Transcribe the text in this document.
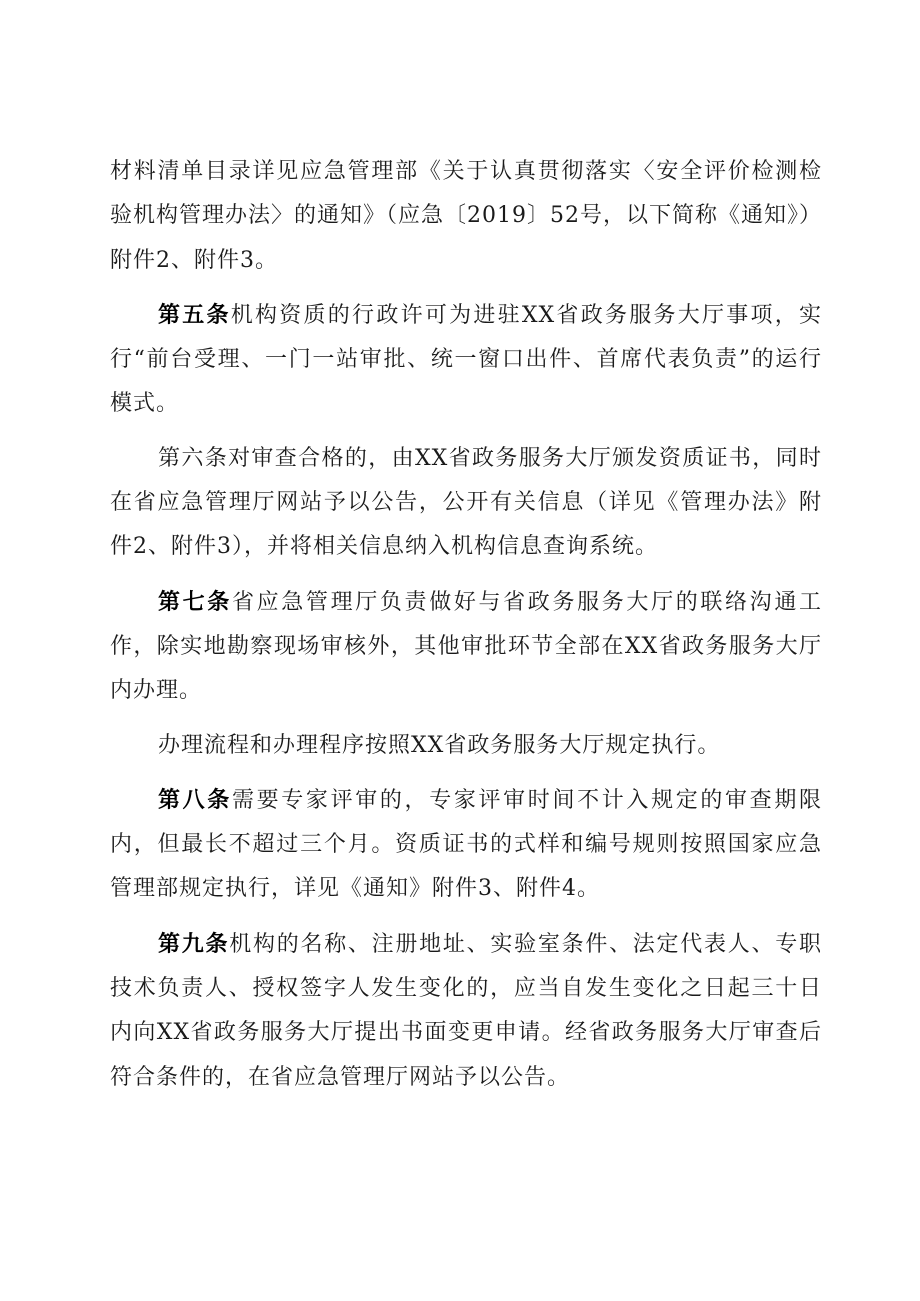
材料清单目录详见应急管理部《关于认真贯彻落实〈安全评价检测检验机构管理办法〉的通知》（应急〔2019〕52号，以下简称《通知》）附件2、附件3。

第五条机构资质的行政许可为进驻XX省政务服务大厅事项，实行“前台受理、一门一站审批、统一窗口出件、首席代表负责”的运行模式。

第六条对审查合格的，由XX省政务服务大厅颁发资质证书，同时在省应急管理厅网站予以公告，公开有关信息（详见《管理办法》附件2、附件3），并将相关信息纳入机构信息查询系统。

第七条省应急管理厅负责做好与省政务服务大厅的联络沟通工作，除实地勘察现场审核外，其他审批环节全部在XX省政务服务大厅内办理。

办理流程和办理程序按照XX省政务服务大厅规定执行。

第八条需要专家评审的，专家评审时间不计入规定的审查期限内，但最长不超过三个月。资质证书的式样和编号规则按照国家应急管理部规定执行，详见《通知》附件3、附件4。

第九条机构的名称、注册地址、实验室条件、法定代表人、专职技术负责人、授权签字人发生变化的，应当自发生变化之日起三十日内向XX省政务服务大厅提出书面变更申请。经省政务服务大厅审查后符合条件的，在省应急管理厅网站予以公告。
